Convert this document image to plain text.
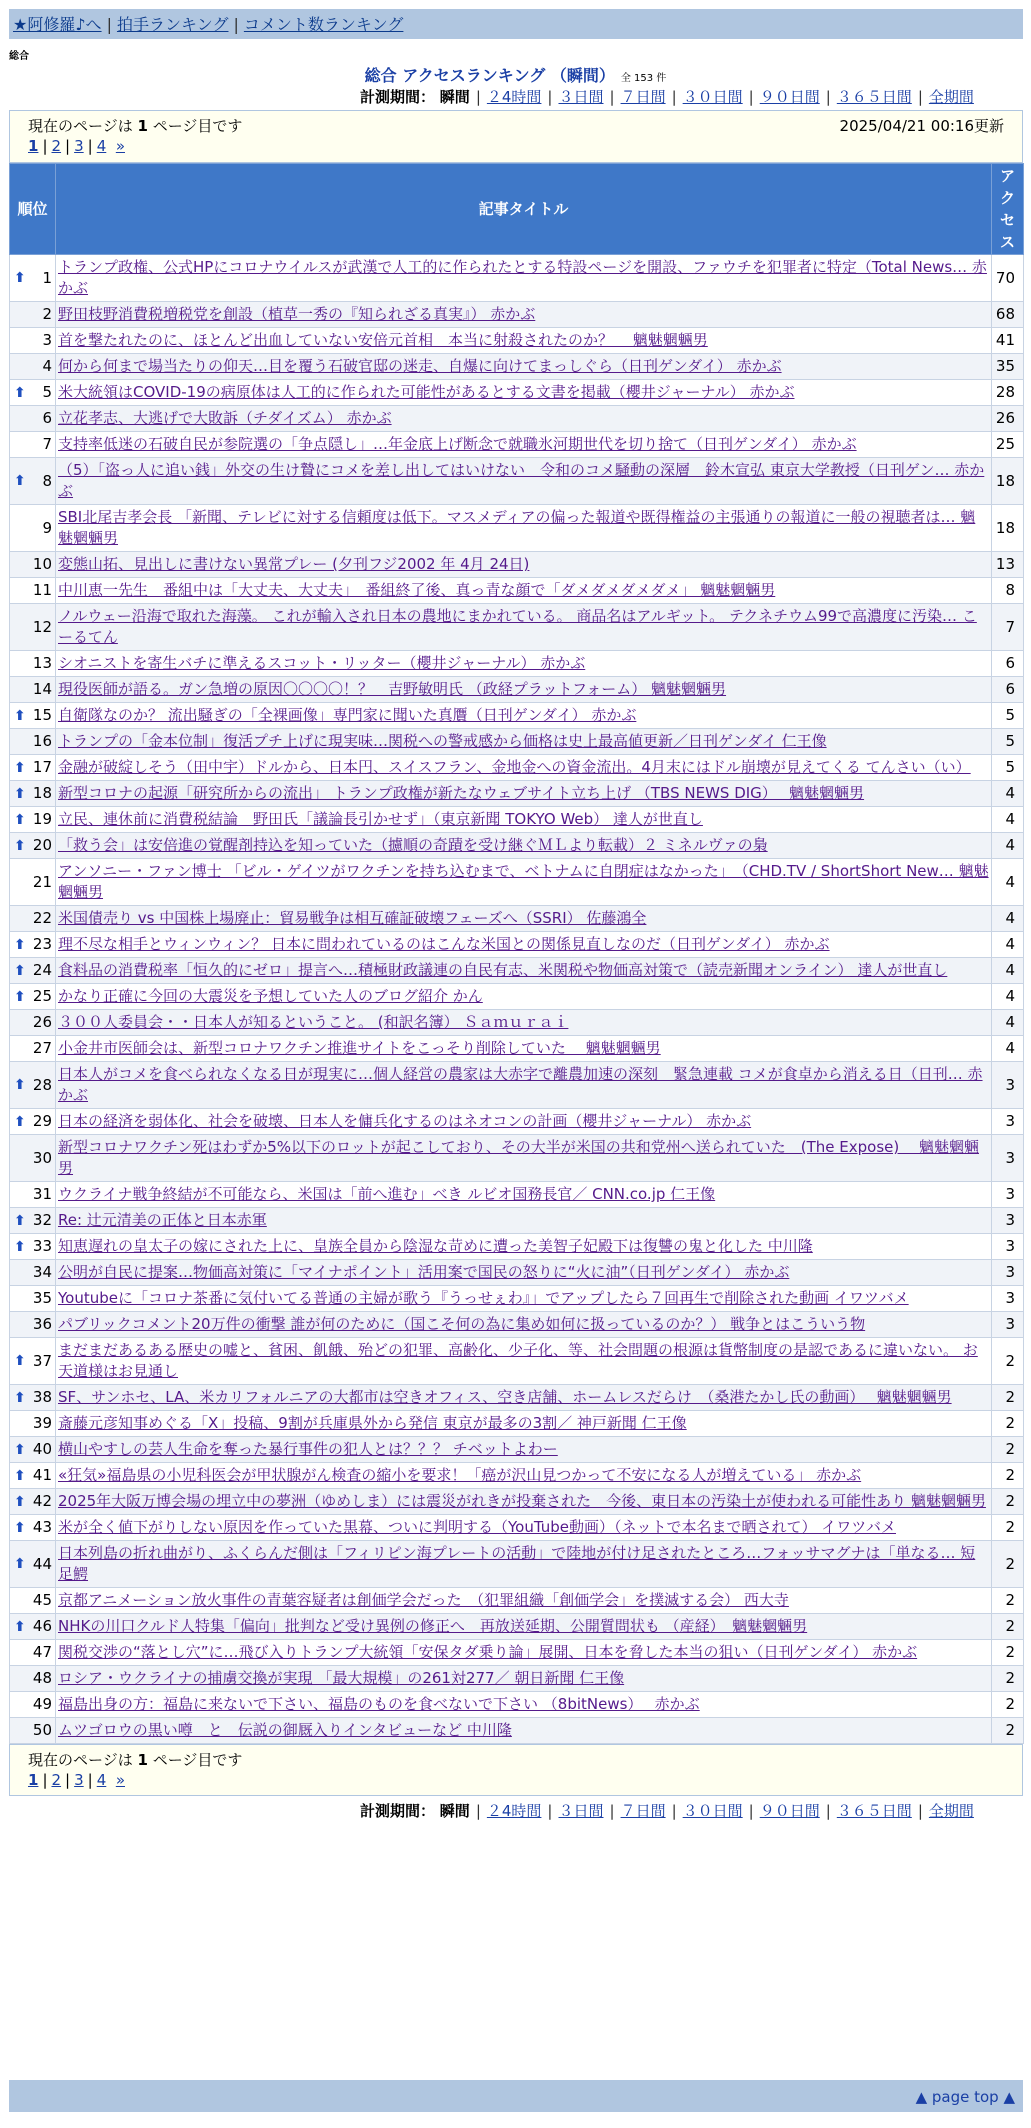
★阿修羅♪へ | 拍手ランキング | コメント数ランキング
総合
総合 アクセスランキング （瞬間） 全 153 件
計測期間： 瞬間 | ２4時間 | ３日間 | ７日間 | ３０日間 | ９０日間 | ３６５日間 | 全期間
現在のページは 1 ページ目です	2025/04/21 00:16更新
1 | 2 | 3 | 4 »
順位	記事タイトル	アクセス

⬆ 1	トランプ政権、公式HPにコロナウイルスが武漢で人工的に作られたとする特設ページを開設、ファウチを犯罪者に特定（Total News… 赤かぶ	70
2	野田枝野消費税増税党を創設（植草一秀の『知られざる真実』） 赤かぶ	68
3	首を撃たれたのに、ほとんど出血していない安倍元首相　本当に射殺されたのか？　 魑魅魍魎男	41
4	何から何まで場当たりの仰天…目を覆う石破官邸の迷走、自爆に向けてまっしぐら（日刊ゲンダイ） 赤かぶ	35

⬆ 5	米大統領はCOVID-19の病原体は人工的に作られた可能性があるとする文書を掲載（櫻井ジャーナル） 赤かぶ	28
6	立花孝志、大逃げで大敗訴（チダイズム） 赤かぶ	26
7	支持率低迷の石破自民が参院選の「争点隠し」…年金底上げ断念で就職氷河期世代を切り捨て（日刊ゲンダイ） 赤かぶ	25

⬆ 8	（5）「盗っ人に追い銭」外交の生け贄にコメを差し出してはいけない　令和のコメ騒動の深層　鈴木宣弘 東京大学教授（日刊ゲン… 赤かぶ	18
9	SBI北尾吉孝会長 「新聞、テレビに対する信頼度は低下。マスメディアの偏った報道や既得権益の主張通りの報道に一般の視聴者は… 魑魅魍魎男	18
10	変態山拓、見出しに書けない異常プレー (夕刊フジ2002 年 4月 24日)	13
11	中川恵一先生　番組中は「大丈夫、大丈夫」　番組終了後、真っ青な顔で「ダメダメダメダメ」 魑魅魍魎男	8
12	ノルウェー沿海で取れた海藻。 これが輸入され日本の農地にまかれている。 商品名はアルギット。 テクネチウム99で高濃度に汚染… こーるてん	7
13	シオニストを寄生バチに準えるスコット・リッター（櫻井ジャーナル） 赤かぶ	6
14	現役医師が語る。ガン急増の原因〇〇〇〇！？　吉野敏明氏 （政経プラットフォーム） 魑魅魍魎男	6

⬆ 15	自衛隊なのか？ 流出騒ぎの「全裸画像」専門家に聞いた真贋（日刊ゲンダイ） 赤かぶ	5
16	トランプの「金本位制」復活プチ上げに現実味…関税への警戒感から価格は史上最高値更新／日刊ゲンダイ 仁王像	5

⬆ 17	金融が破綻しそう（田中宇）ドルから、日本円、スイスフラン、金地金への資金流出。4月末にはドル崩壊が見えてくる てんさい（い）	5

⬆ 18	新型コロナの起源「研究所からの流出」 トランプ政権が新たなウェブサイト立ち上げ （TBS NEWS DIG）　 魑魅魍魎男	4

⬆ 19	立民、連休前に消費税結論　野田氏「議論長引かせず」（東京新聞 TOKYO Web） 達人が世直し	4

⬆ 20	「救う会」は安倍進の覚醒剤持込を知っていた（攄順の奇蹟を受け継ぐＭＬより転載）２ ミネルヴァの梟	4
21	アンソニー・ファン博士 「ビル・ゲイツがワクチンを持ち込むまで、ベトナムに自閉症はなかった」　（CHD.TV / ShortShort New… 魑魅魍魎男	4
22	米国債売り vs 中国株上場廃止：貿易戦争は相互確証破壊フェーズへ（SSRI） 佐藤鴻全	4

⬆ 23	理不尽な相手とウィンウィン？ 日本に問われているのはこんな米国との関係見直しなのだ（日刊ゲンダイ） 赤かぶ	4

⬆ 24	食料品の消費税率「恒久的にゼロ」提言へ…積極財政議連の自民有志、米関税や物価高対策で（読売新聞オンライン） 達人が世直し	4

⬆ 25	かなり正確に今回の大震災を予想していた人のブログ紹介 かん	4
26	３００人委員会・・日本人が知るということ。 (和訳名簿） Ｓａｍｕｒａｉ	4
27	小金井市医師会は、新型コロナワクチン推進サイトをこっそり削除していた　 魑魅魍魎男	4

⬆ 28	日本人がコメを食べられなくなる日が現実に…個人経営の農家は大赤字で離農加速の深刻　緊急連載 コメが食卓から消える日（日刊… 赤かぶ	3

⬆ 29	日本の経済を弱体化、社会を破壊、日本人を傭兵化するのはネオコンの計画（櫻井ジャーナル） 赤かぶ	3
30	新型コロナワクチン死はわずか5%以下のロットが起こしており、その大半が米国の共和党州へ送られていた　(The Expose)　 魑魅魍魎男	3
31	ウクライナ戦争終結が不可能なら、米国は「前へ進む」べき ルビオ国務長官／ CNN.co.jp 仁王像	3

⬆ 32	Re: 辻元清美の正体と日本赤軍	3

⬆ 33	知恵遅れの皇太子の嫁にされた上に、皇族全員から陰湿な苛めに遭った美智子妃殿下は復讐の鬼と化した 中川隆	3
34	公明が自民に提案…物価高対策に「マイナポイント」活用案で国民の怒りに“火に油”（日刊ゲンダイ） 赤かぶ	3
35	Youtubeに「コロナ茶番に気付いてる普通の主婦が歌う『うっせぇわ』」でアップしたら７回再生で削除された動画 イワツバメ	3
36	パブリックコメント20万件の衝撃 誰が何のために（国こそ何の為に集め如何に扱っているのか？） 戦争とはこういう物	3

⬆ 37	まだまだあるある歴史の嘘と、貧困、飢餓、殆どの犯罪、高齢化、少子化、等、社会問題の根源は貨幣制度の是認であるに違いない。 お天道様はお見通し	2

⬆ 38	SF、サンホセ、LA、米カリフォルニアの大都市は空きオフィス、空き店舗、ホームレスだらけ　（桑港たかし氏の動画）　 魑魅魍魎男	2
39	斎藤元彦知事めぐる「X」投稿、9割が兵庫県外から発信 東京が最多の3割／ 神戸新聞 仁王像	2

⬆ 40	横山やすしの芸人生命を奪った暴行事件の犯人とは？？？ チベットよわー	2

⬆ 41	«狂気»福島県の小児科医会が甲状腺がん検査の縮小を要求！「癌が沢山見つかって不安になる人が増えている」 赤かぶ	2

⬆ 42	2025年大阪万博会場の埋立中の夢洲（ゆめしま）には震災がれきが投棄された　今後、東日本の汚染土が使われる可能性あり 魑魅魍魎男	2

⬆ 43	米が全く値下がりしない原因を作っていた黒幕、ついに判明する（YouTube動画）（ネットで本名まで晒されて） イワツバメ	2

⬆ 44	日本列島の折れ曲がり、ふくらんだ側は「フィリピン海プレートの活動」で陸地が付け足されたところ…フォッサマグナは「単なる… 短足鰐	2
45	京都アニメーション放火事件の青葉容疑者は創価学会だった　（犯罪組織「創価学会」を撲滅する会） 西大寺	2

⬆ 46	NHKの川口クルド人特集「偏向」批判など受け異例の修正へ　再放送延期、公開質問状も （産経）　魑魅魍魎男	2
47	関税交渉の“落とし穴”に…飛び入りトランプ大統領「安保タダ乗り論」展開、日本を脅した本当の狙い（日刊ゲンダイ） 赤かぶ	2
48	ロシア・ウクライナの捕虜交換が実現 「最大規模」の261対277／ 朝日新聞 仁王像	2
49	福島出身の方：福島に来ないで下さい、福島のものを食べないで下さい （8bitNews）　 赤かぶ	2
50	ムツゴロウの黒い噂　と　伝説の御厩入りインタビューなど 中川隆	2
現在のページは 1 ページ目です
1 | 2 | 3 | 4 »
計測期間： 瞬間 | ２4時間 | ３日間 | ７日間 | ３０日間 | ９０日間 | ３６５日間 | 全期間
▲ page top ▲
